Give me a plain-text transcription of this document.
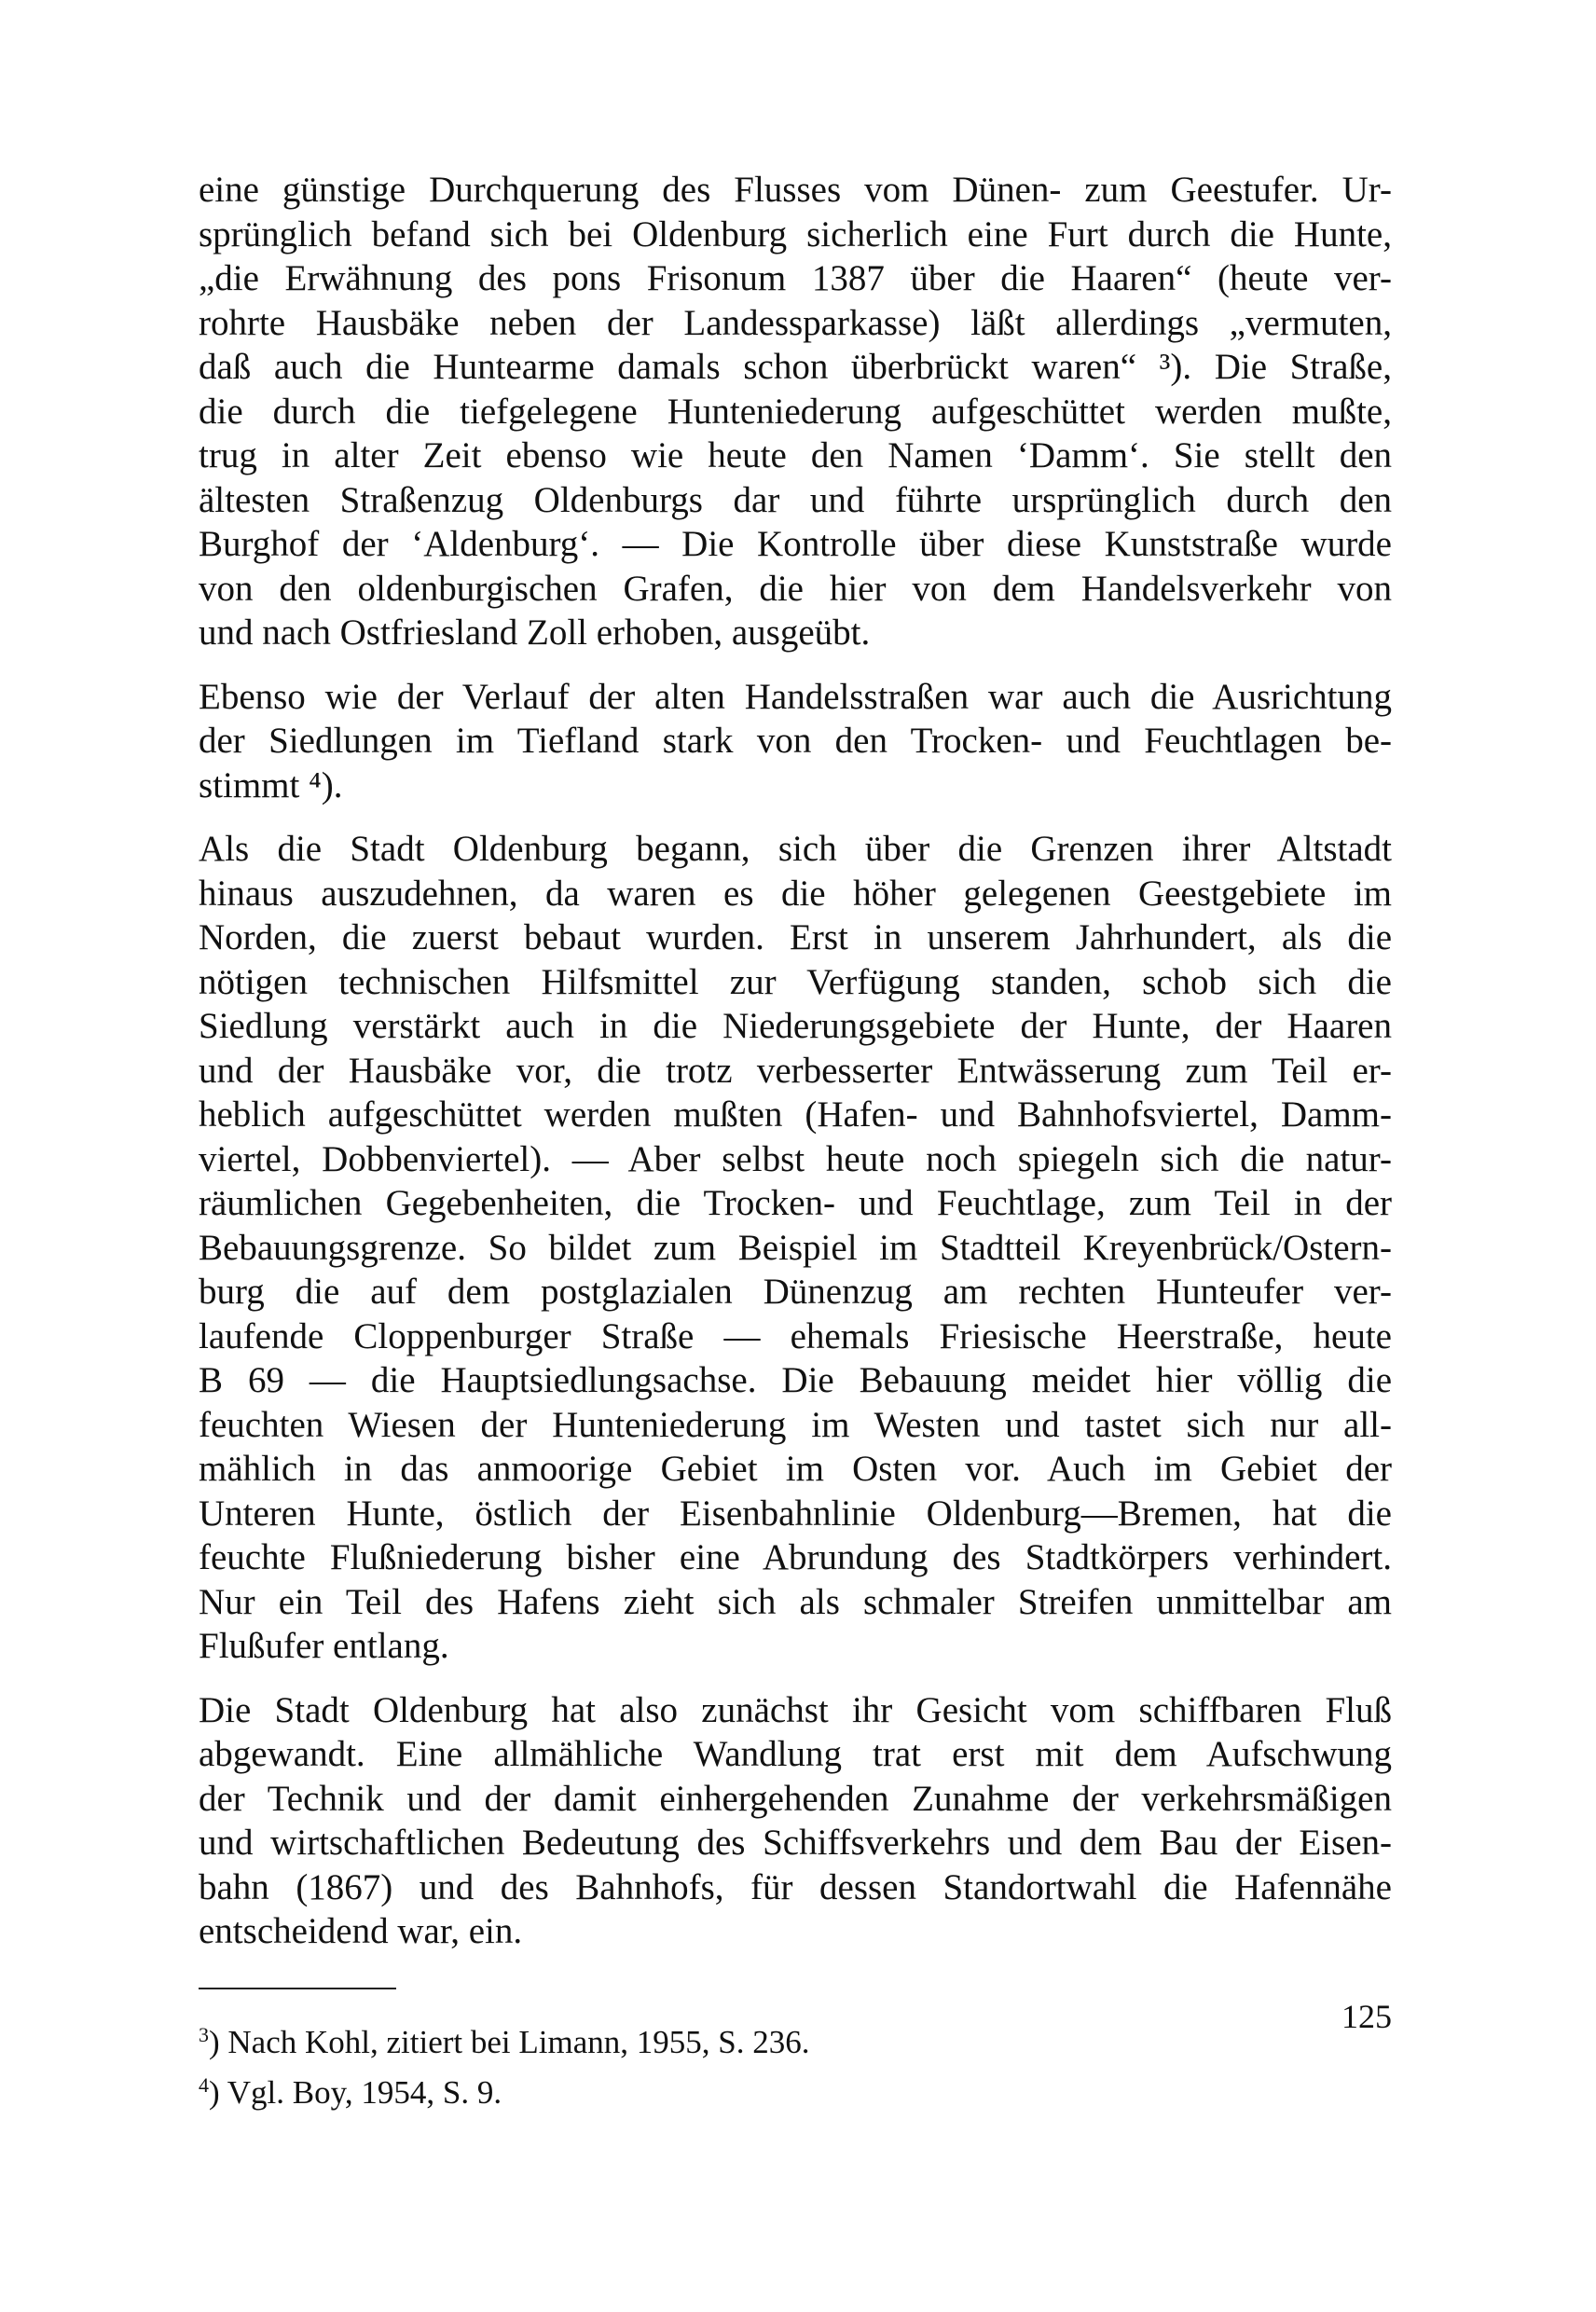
eine günstige Durchquerung des Flusses vom Dünen- zum Geestufer. Ur-
sprünglich befand sich bei Oldenburg sicherlich eine Furt durch die Hunte,
„die Erwähnung des pons Frisonum 1387 über die Haaren“ (heute ver-
rohrte Hausbäke neben der Landessparkasse) läßt allerdings „vermuten,
daß auch die Huntearme damals schon überbrückt waren“ ³). Die Straße,
die durch die tiefgelegene Hunteniederung aufgeschüttet werden mußte,
trug in alter Zeit ebenso wie heute den Namen ‘Damm‘. Sie stellt den
ältesten Straßenzug Oldenburgs dar und führte ursprünglich durch den
Burghof der ‘Aldenburg‘. — Die Kontrolle über diese Kunststraße wurde
von den oldenburgischen Grafen, die hier von dem Handelsverkehr von
und nach Ostfriesland Zoll erhoben, ausgeübt.
Ebenso wie der Verlauf der alten Handelsstraßen war auch die Ausrichtung
der Siedlungen im Tiefland stark von den Trocken- und Feuchtlagen be-
stimmt ⁴).
Als die Stadt Oldenburg begann, sich über die Grenzen ihrer Altstadt
hinaus auszudehnen, da waren es die höher gelegenen Geestgebiete im
Norden, die zuerst bebaut wurden. Erst in unserem Jahrhundert, als die
nötigen technischen Hilfsmittel zur Verfügung standen, schob sich die
Siedlung verstärkt auch in die Niederungsgebiete der Hunte, der Haaren
und der Hausbäke vor, die trotz verbesserter Entwässerung zum Teil er-
heblich aufgeschüttet werden mußten (Hafen- und Bahnhofsviertel, Damm-
viertel, Dobbenviertel). — Aber selbst heute noch spiegeln sich die natur-
räumlichen Gegebenheiten, die Trocken- und Feuchtlage, zum Teil in der
Bebauungsgrenze. So bildet zum Beispiel im Stadtteil Kreyenbrück/Ostern-
burg die auf dem postglazialen Dünenzug am rechten Hunteufer ver-
laufende Cloppenburger Straße — ehemals Friesische Heerstraße, heute
B 69 — die Hauptsiedlungsachse. Die Bebauung meidet hier völlig die
feuchten Wiesen der Hunteniederung im Westen und tastet sich nur all-
mählich in das anmoorige Gebiet im Osten vor. Auch im Gebiet der
Unteren Hunte, östlich der Eisenbahnlinie Oldenburg—Bremen, hat die
feuchte Flußniederung bisher eine Abrundung des Stadtkörpers verhindert.
Nur ein Teil des Hafens zieht sich als schmaler Streifen unmittelbar am
Flußufer entlang.
Die Stadt Oldenburg hat also zunächst ihr Gesicht vom schiffbaren Fluß
abgewandt. Eine allmähliche Wandlung trat erst mit dem Aufschwung
der Technik und der damit einhergehenden Zunahme der verkehrsmäßigen
und wirtschaftlichen Bedeutung des Schiffsverkehrs und dem Bau der Eisen-
bahn (1867) und des Bahnhofs, für dessen Standortwahl die Hafennähe
entscheidend war, ein.
$^3$) Nach Kohl, zitiert bei Limann, 1955, S. 236.
$^4$) Vgl. Boy, 1954, S. 9.
125
